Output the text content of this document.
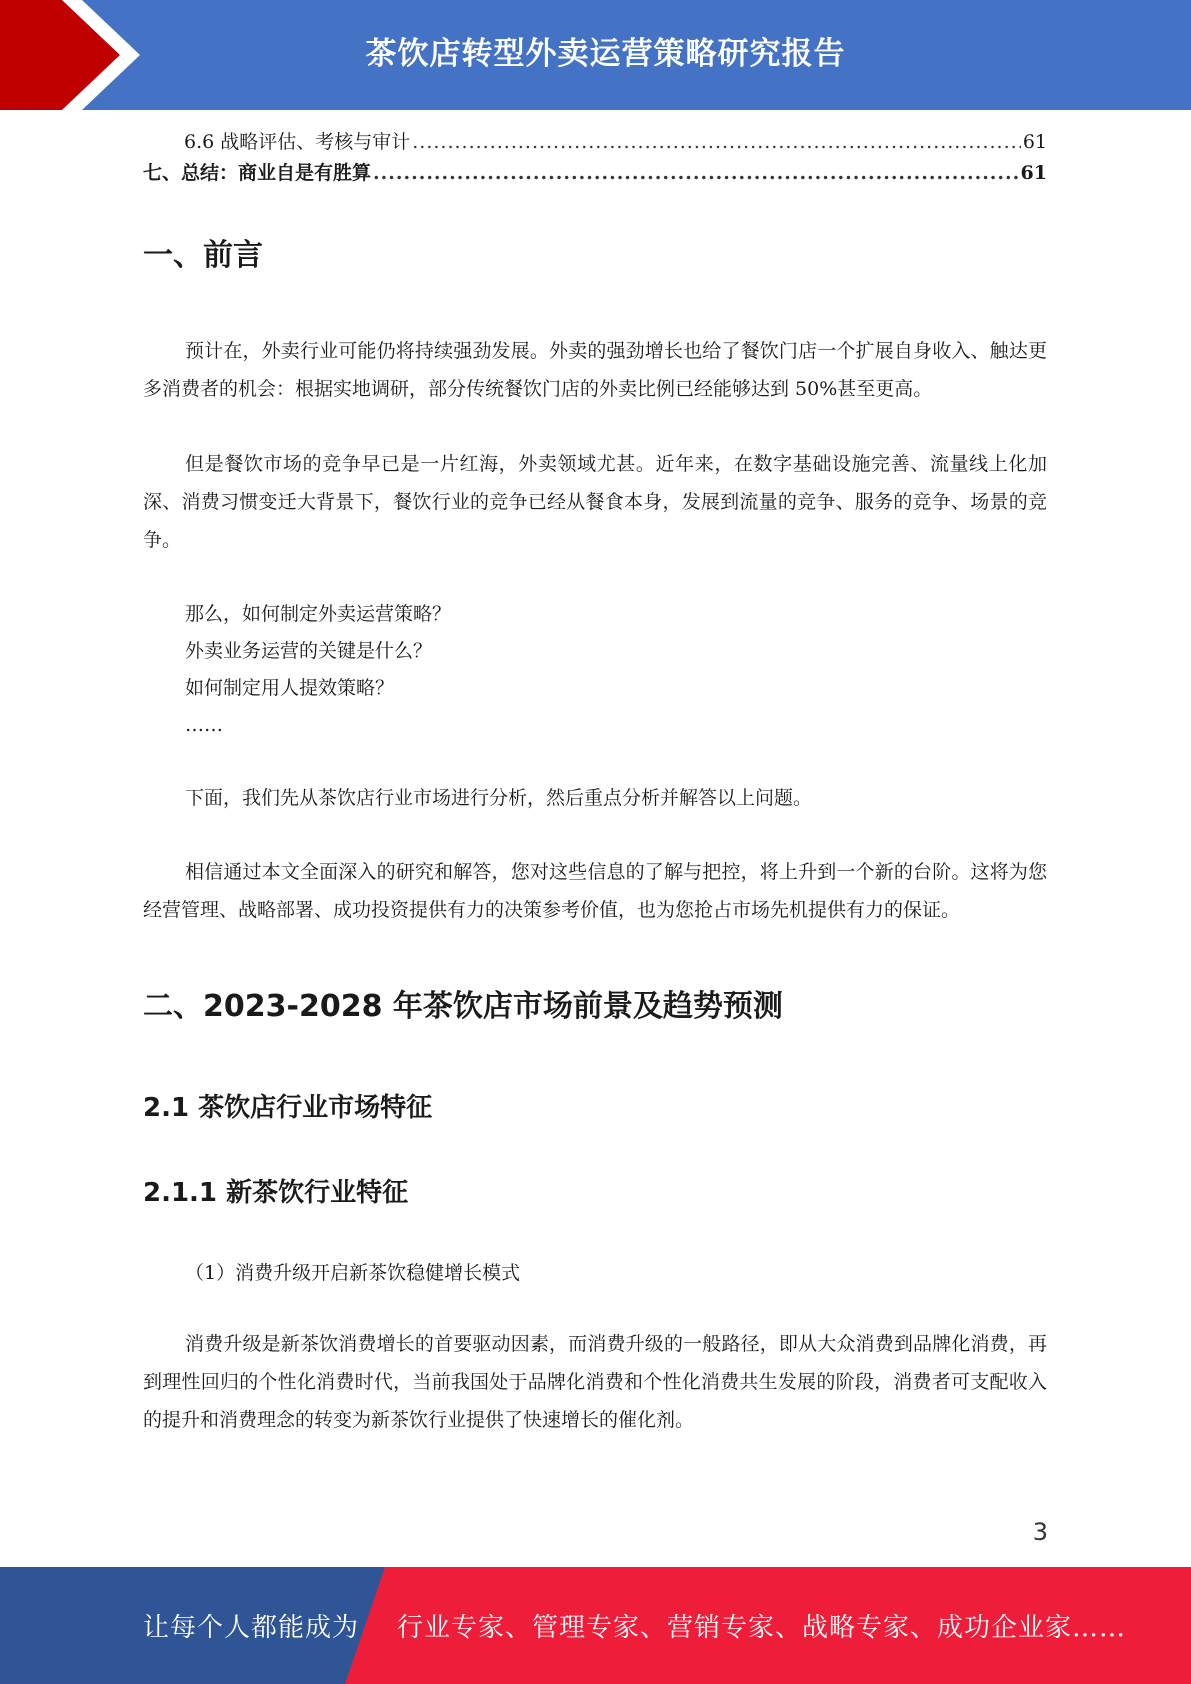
茶饮店转型外卖运营策略研究报告
6.6 战略评估、考核与审计 .....	61
七、总结：商业自是有胜算 .....	61
一、前言

预计在，外卖行业可能仍将持续强劲发展。外卖的强劲增长也给了餐饮门店一个扩展自身收入、触达更多消费者的机会：根据实地调研，部分传统餐饮门店的外卖比例已经能够达到 50%甚至更高。

但是餐饮市场的竞争早已是一片红海，外卖领域尤甚。近年来，在数字基础设施完善、流量线上化加深、消费习惯变迁大背景下，餐饮行业的竞争已经从餐食本身，发展到流量的竞争、服务的竞争、场景的竞争。

那么，如何制定外卖运营策略？

外卖业务运营的关键是什么？

如何制定用人提效策略？

……

下面，我们先从茶饮店行业市场进行分析，然后重点分析并解答以上问题。

相信通过本文全面深入的研究和解答，您对这些信息的了解与把控，将上升到一个新的台阶。这将为您经营管理、战略部署、成功投资提供有力的决策参考价值，也为您抢占市场先机提供有力的保证。

二、2023-2028 年茶饮店市场前景及趋势预测
2.1 茶饮店行业市场特征
2.1.1 新茶饮行业特征

（1）消费升级开启新茶饮稳健增长模式

消费升级是新茶饮消费增长的首要驱动因素，而消费升级的一般路径，即从大众消费到品牌化消费，再到理性回归的个性化消费时代，当前我国处于品牌化消费和个性化消费共生发展的阶段，消费者可支配收入的提升和消费理念的转变为新茶饮行业提供了快速增长的催化剂。

3
让每个人都能成为 行业专家、管理专家、营销专家、战略专家、成功企业家……
